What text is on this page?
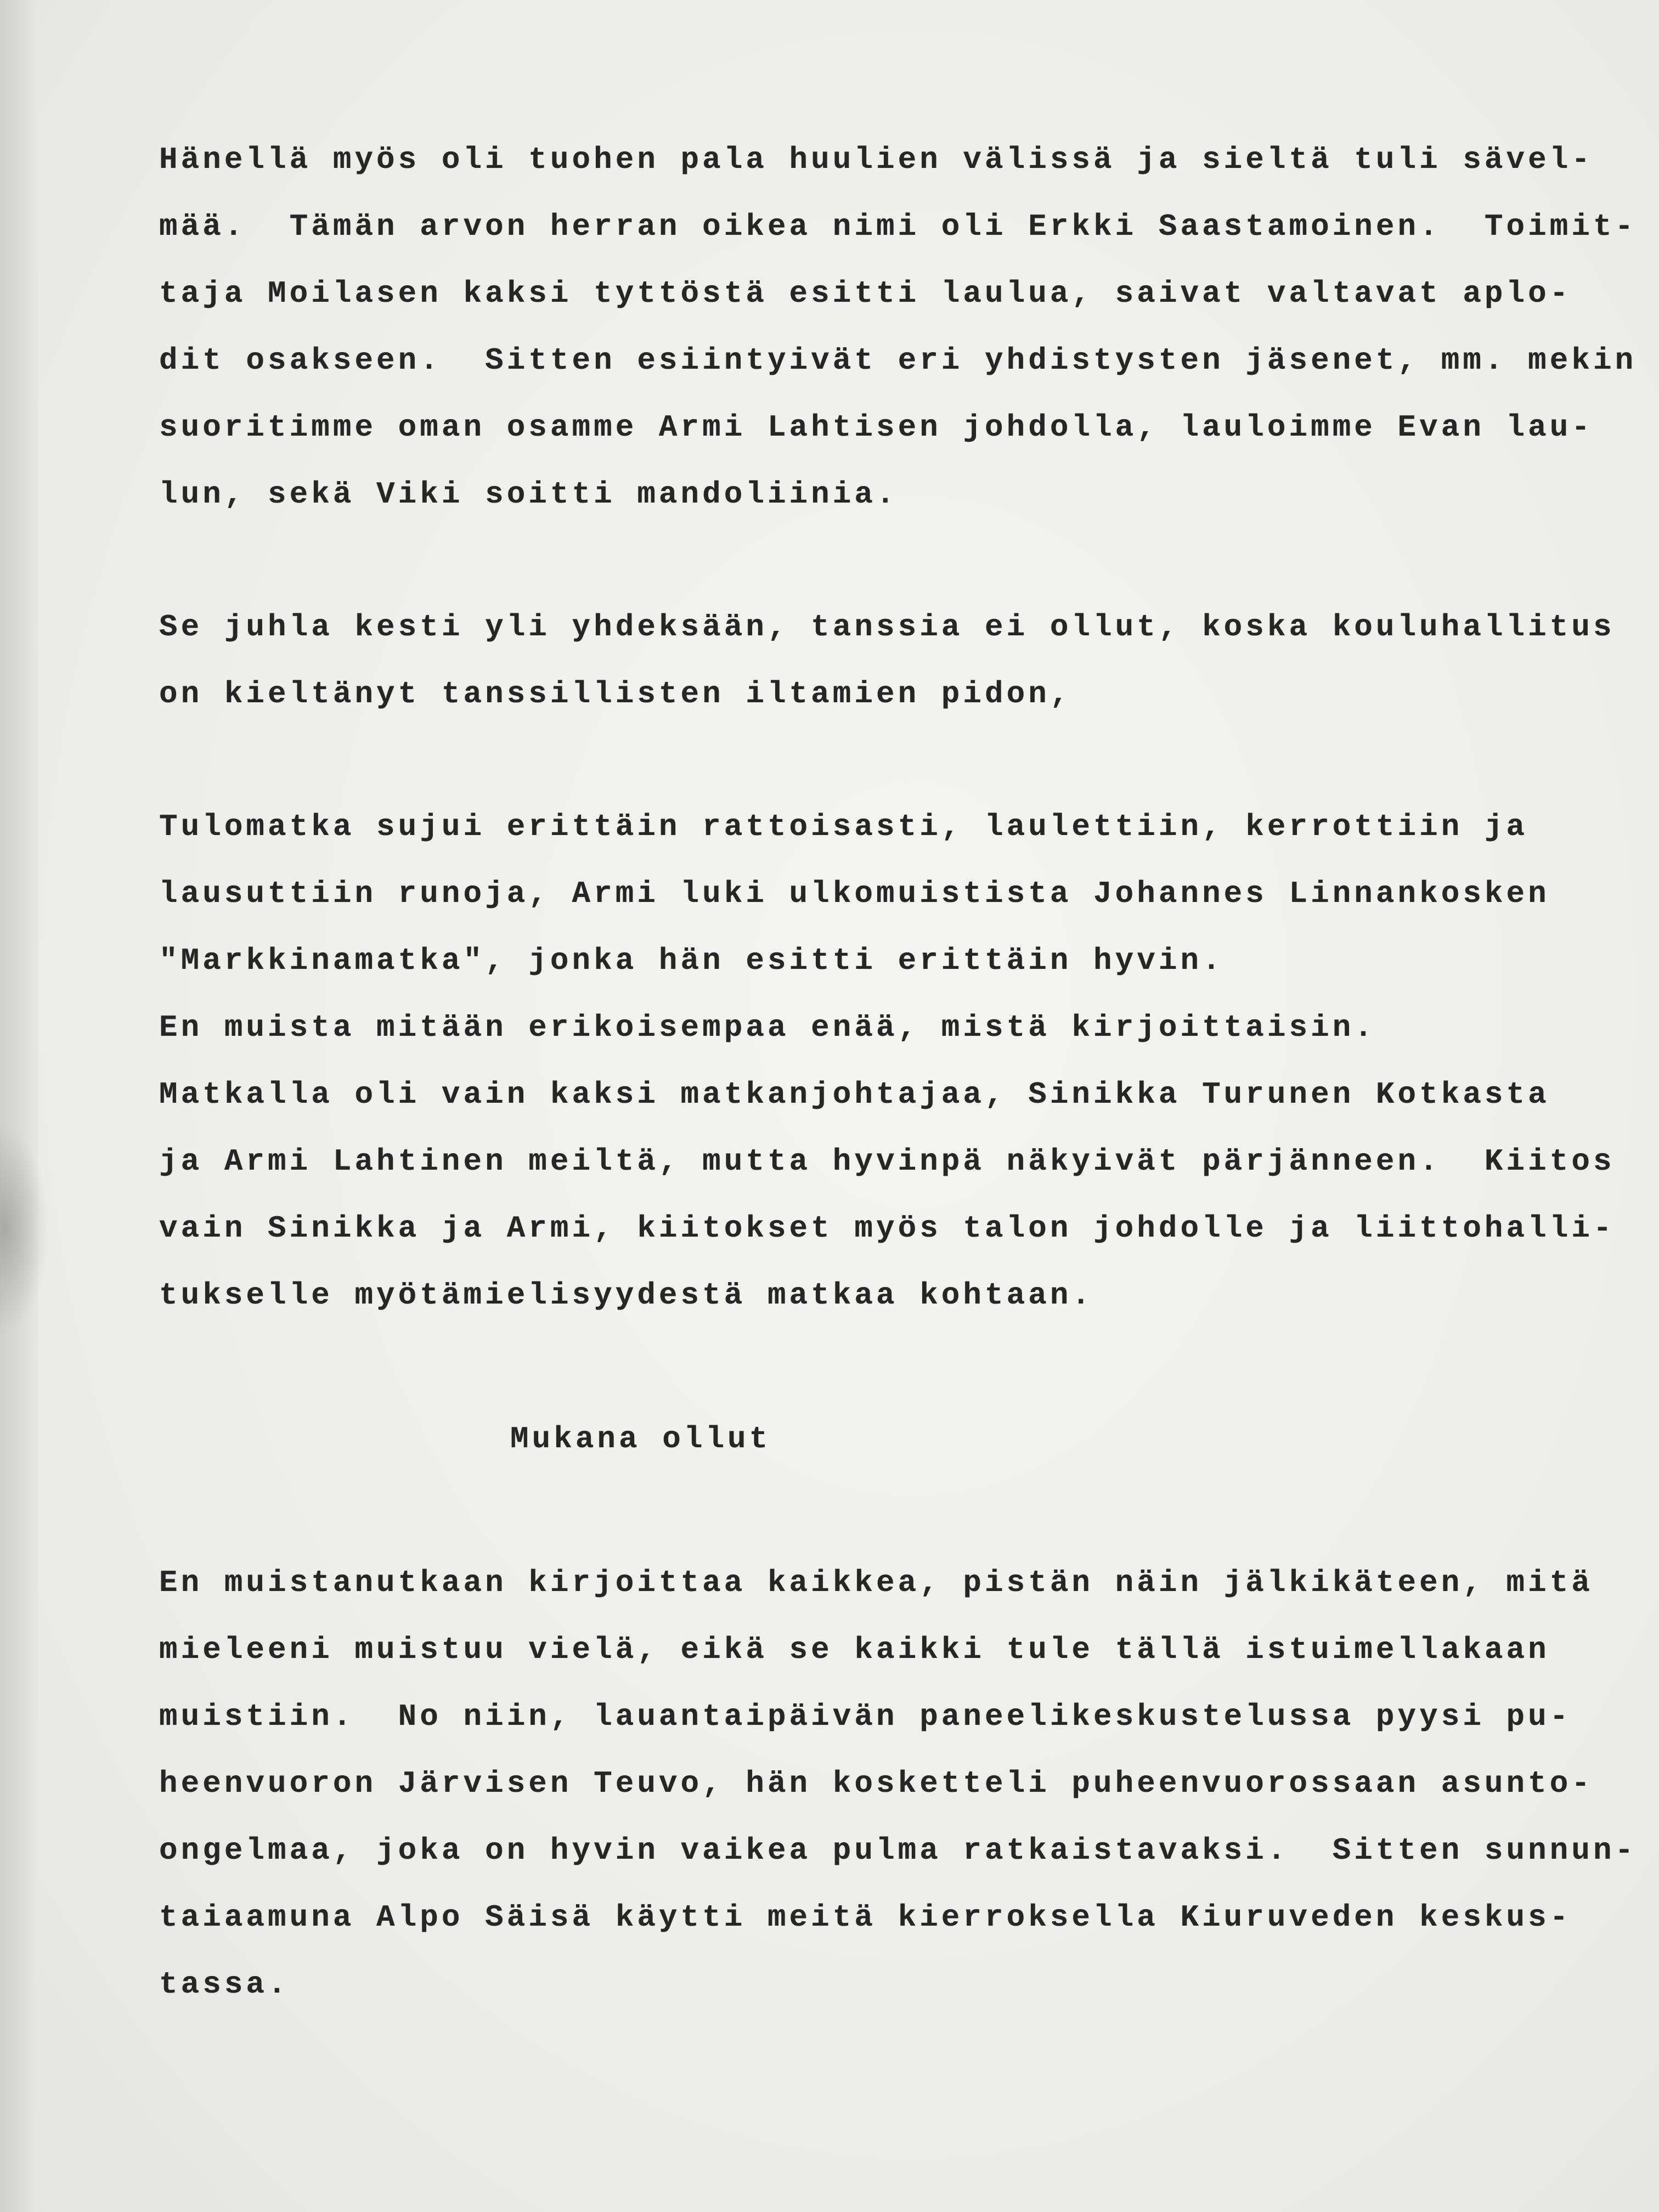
Hänellä myös oli tuohen pala huulien välissä ja sieltä tuli sävel-
mää.  Tämän arvon herran oikea nimi oli Erkki Saastamoinen.  Toimit-
taja Moilasen kaksi tyttöstä esitti laulua, saivat valtavat aplo-
dit osakseen.  Sitten esiintyivät eri yhdistysten jäsenet, mm. mekin
suoritimme oman osamme Armi Lahtisen johdolla, lauloimme Evan lau-
lun, sekä Viki soitti mandoliinia.

Se juhla kesti yli yhdeksään, tanssia ei ollut, koska kouluhallitus
on kieltänyt tanssillisten iltamien pidon,

Tulomatka sujui erittäin rattoisasti, laulettiin, kerrottiin ja
lausuttiin runoja, Armi luki ulkomuistista Johannes Linnankosken
"Markkinamatka", jonka hän esitti erittäin hyvin.
En muista mitään erikoisempaa enää, mistä kirjoittaisin.
Matkalla oli vain kaksi matkanjohtajaa, Sinikka Turunen Kotkasta
ja Armi Lahtinen meiltä, mutta hyvinpä näkyivät pärjänneen.  Kiitos
vain Sinikka ja Armi, kiitokset myös talon johdolle ja liittohalli-
tukselle myötämielisyydestä matkaa kohtaan.

Mukana ollut

En muistanutkaan kirjoittaa kaikkea, pistän näin jälkikäteen, mitä
mieleeni muistuu vielä, eikä se kaikki tule tällä istuimellakaan
muistiin.  No niin, lauantaipäivän paneelikeskustelussa pyysi pu-
heenvuoron Järvisen Teuvo, hän kosketteli puheenvuorossaan asunto-
ongelmaa, joka on hyvin vaikea pulma ratkaistavaksi.  Sitten sunnun-
taiaamuna Alpo Säisä käytti meitä kierroksella Kiuruveden keskus-
tassa.
